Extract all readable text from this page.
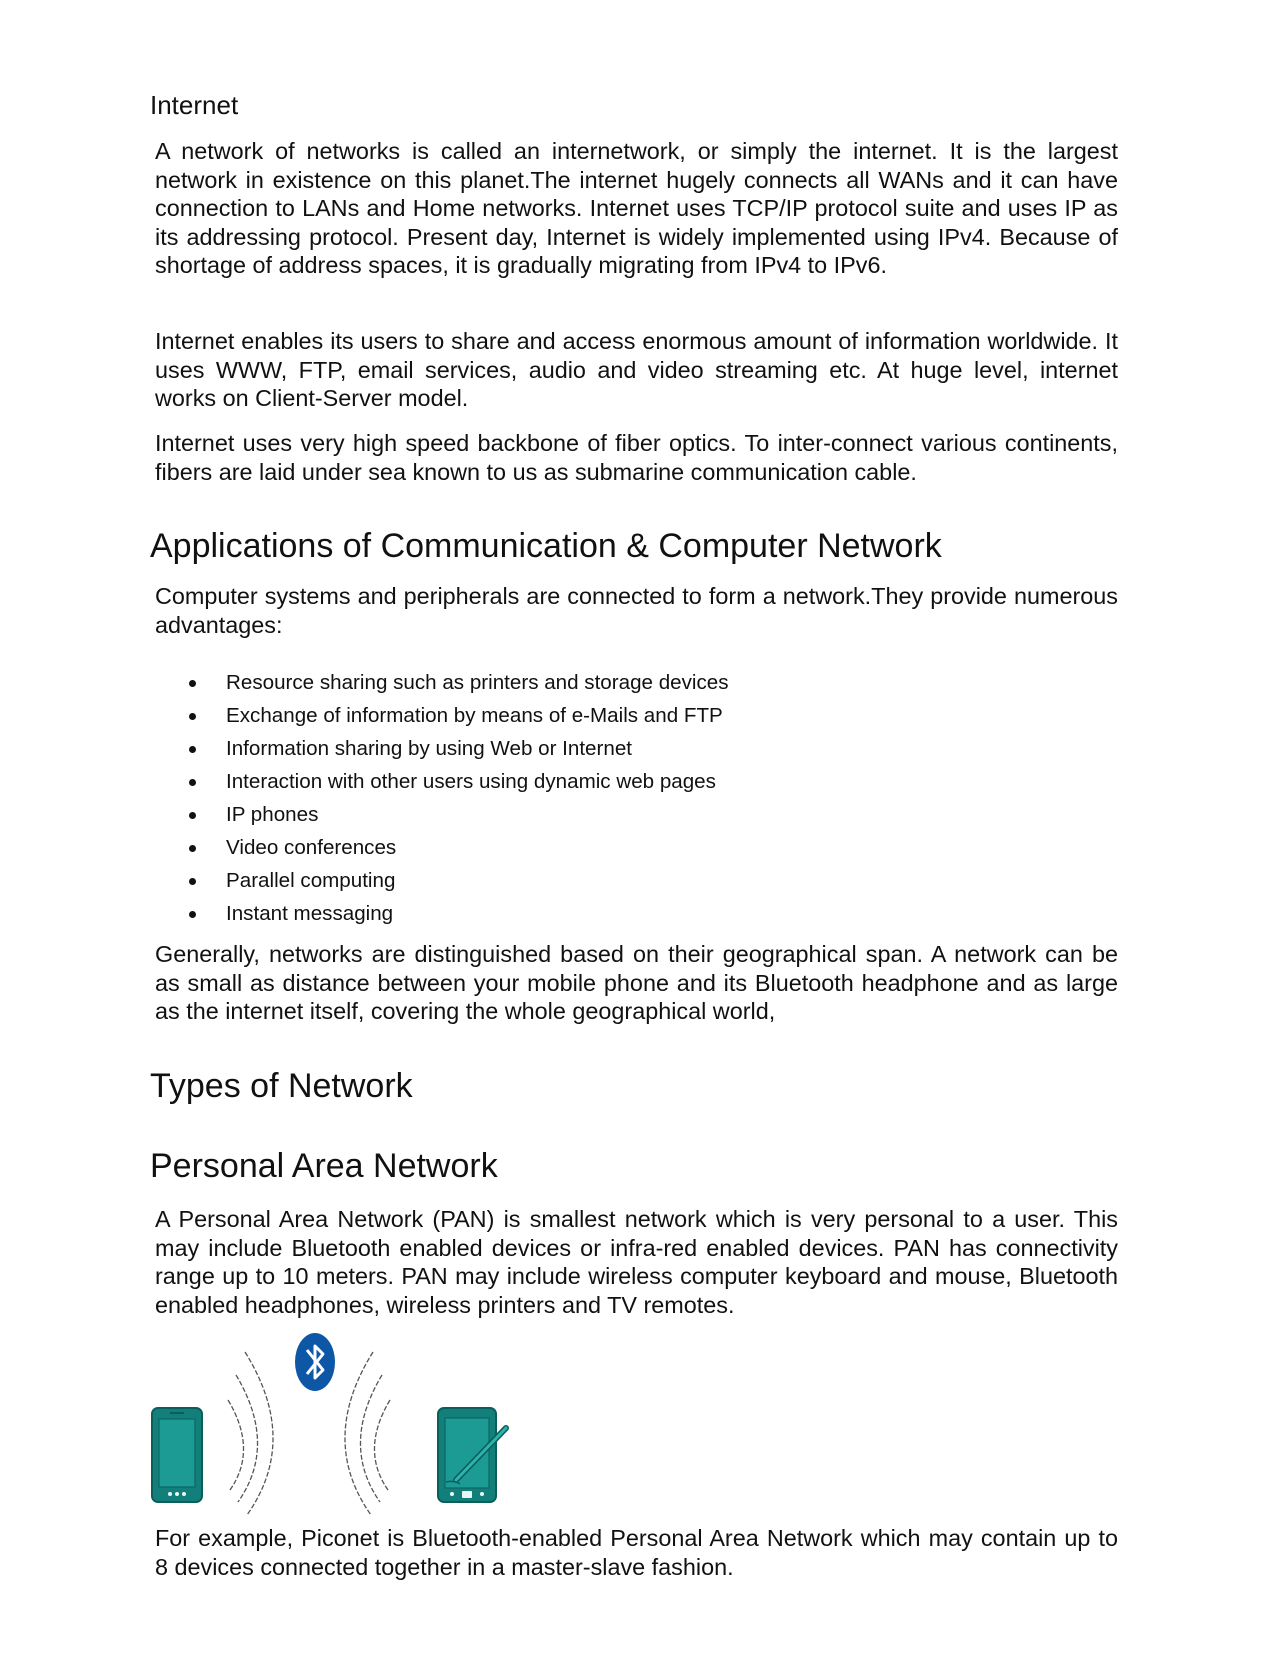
Internet

A network of networks is called an internetwork, or simply the internet. It is the largest network in existence on this planet.The internet hugely connects all WANs and it can have connection to LANs and Home networks. Internet uses TCP/IP protocol suite and uses IP as its addressing protocol. Present day, Internet is widely implemented using IPv4. Because of shortage of address spaces, it is gradually migrating from IPv4 to IPv6.

Internet enables its users to share and access enormous amount of information worldwide. It uses WWW, FTP, email services, audio and video streaming etc. At huge level, internet works on Client-Server model.

Internet uses very high speed backbone of fiber optics. To inter-connect various continents, fibers are laid under sea known to us as submarine communication cable.

Applications of Communication & Computer Network

Computer systems and peripherals are connected to form a network.They provide numerous advantages:

Resource sharing such as printers and storage devices
Exchange of information by means of e-Mails and FTP
Information sharing by using Web or Internet
Interaction with other users using dynamic web pages
IP phones
Video conferences
Parallel computing
Instant messaging

Generally, networks are distinguished based on their geographical span. A network can be as small as distance between your mobile phone and its Bluetooth headphone and as large as the internet itself, covering the whole geographical world,

Types of Network
Personal Area Network

A Personal Area Network (PAN) is smallest network which is very personal to a user. This may include Bluetooth enabled devices or infra-red enabled devices. PAN has connectivity range up to 10 meters. PAN may include wireless computer keyboard and mouse, Bluetooth enabled headphones, wireless printers and TV remotes.

For example, Piconet is Bluetooth-enabled Personal Area Network which may contain up to 8 devices connected together in a master-slave fashion.
